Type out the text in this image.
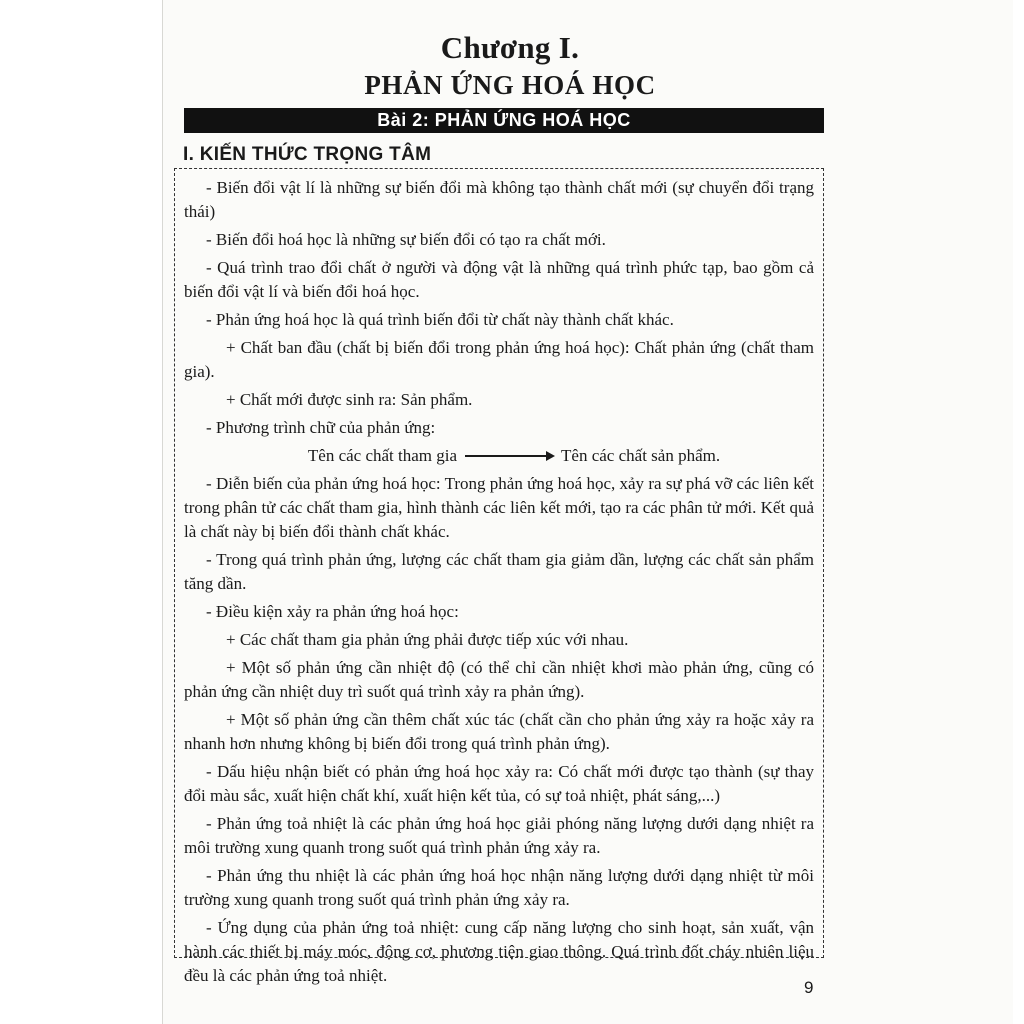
Chương I.
PHẢN ỨNG HOÁ HỌC
Bài 2: PHẢN ỨNG HOÁ HỌC
I. KIẾN THỨC TRỌNG TÂM

- Biến đổi vật lí là những sự biến đổi mà không tạo thành chất mới (sự chuyển đổi trạng thái)

- Biến đổi hoá học là những sự biến đổi có tạo ra chất mới.

- Quá trình trao đổi chất ở người và động vật là những quá trình phức tạp, bao gồm cả biến đổi vật lí và biến đổi hoá học.

- Phản ứng hoá học là quá trình biến đổi từ chất này thành chất khác.

+ Chất ban đầu (chất bị biến đổi trong phản ứng hoá học): Chất phản ứng (chất tham gia).

+ Chất mới được sinh ra: Sản phẩm.

- Phương trình chữ của phản ứng:

Tên các chất tham gia	Tên các chất sản phẩm.

- Diễn biến của phản ứng hoá học: Trong phản ứng hoá học, xảy ra sự phá vỡ các liên kết trong phân tử các chất tham gia, hình thành các liên kết mới, tạo ra các phân tử mới. Kết quả là chất này bị biến đổi thành chất khác.

- Trong quá trình phản ứng, lượng các chất tham gia giảm dần, lượng các chất sản phẩm tăng dần.

- Điều kiện xảy ra phản ứng hoá học:

+ Các chất tham gia phản ứng phải được tiếp xúc với nhau.

+ Một số phản ứng cần nhiệt độ (có thể chỉ cần nhiệt khơi mào phản ứng, cũng có phản ứng cần nhiệt duy trì suốt quá trình xảy ra phản ứng).

+ Một số phản ứng cần thêm chất xúc tác (chất cần cho phản ứng xảy ra hoặc xảy ra nhanh hơn nhưng không bị biến đổi trong quá trình phản ứng).

- Dấu hiệu nhận biết có phản ứng hoá học xảy ra: Có chất mới được tạo thành (sự thay đổi màu sắc, xuất hiện chất khí, xuất hiện kết tủa, có sự toả nhiệt, phát sáng,...)

- Phản ứng toả nhiệt là các phản ứng hoá học giải phóng năng lượng dưới dạng nhiệt ra môi trường xung quanh trong suốt quá trình phản ứng xảy ra.

- Phản ứng thu nhiệt là các phản ứng hoá học nhận năng lượng dưới dạng nhiệt từ môi trường xung quanh trong suốt quá trình phản ứng xảy ra.

- Ứng dụng của phản ứng toả nhiệt: cung cấp năng lượng cho sinh hoạt, sản xuất, vận hành các thiết bị máy móc, động cơ, phương tiện giao thông. Quá trình đốt cháy nhiên liệu đều là các phản ứng toả nhiệt.

9
